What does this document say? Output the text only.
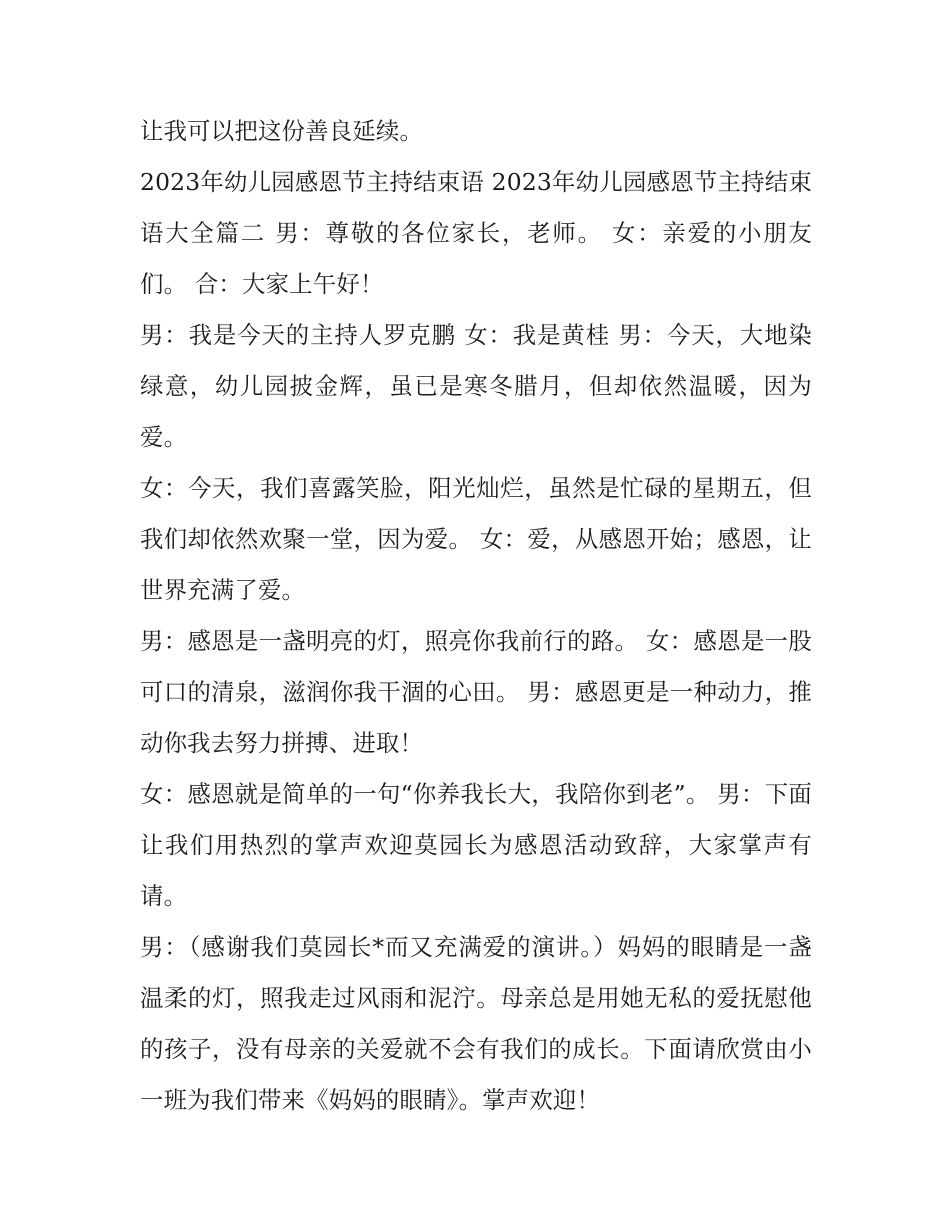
让我可以把这份善良延续。

2023年幼儿园感恩节主持结束语 2023年幼儿园感恩节主持结束语大全篇二 男：尊敬的各位家长，老师。 女：亲爱的小朋友们。 合：大家上午好！

男：我是今天的主持人罗克鹏 女：我是黄桂 男：今天，大地染绿意，幼儿园披金辉，虽已是寒冬腊月，但却依然温暖，因为爱。

女：今天，我们喜露笑脸，阳光灿烂，虽然是忙碌的星期五，但我们却依然欢聚一堂，因为爱。 女：爱，从感恩开始；感恩，让世界充满了爱。

男：感恩是一盏明亮的灯，照亮你我前行的路。 女：感恩是一股可口的清泉，滋润你我干涸的心田。 男：感恩更是一种动力，推动你我去努力拼搏、进取！

女：感恩就是简单的一句“你养我长大，我陪你到老”。 男：下面让我们用热烈的掌声欢迎莫园长为感恩活动致辞，大家掌声有请。

男：（感谢我们莫园长*而又充满爱的演讲。）妈妈的眼睛是一盏温柔的灯，照我走过风雨和泥泞。母亲总是用她无私的爱抚慰他的孩子，没有母亲的关爱就不会有我们的成长。下面请欣赏由小一班为我们带来《妈妈的眼睛》。掌声欢迎！
